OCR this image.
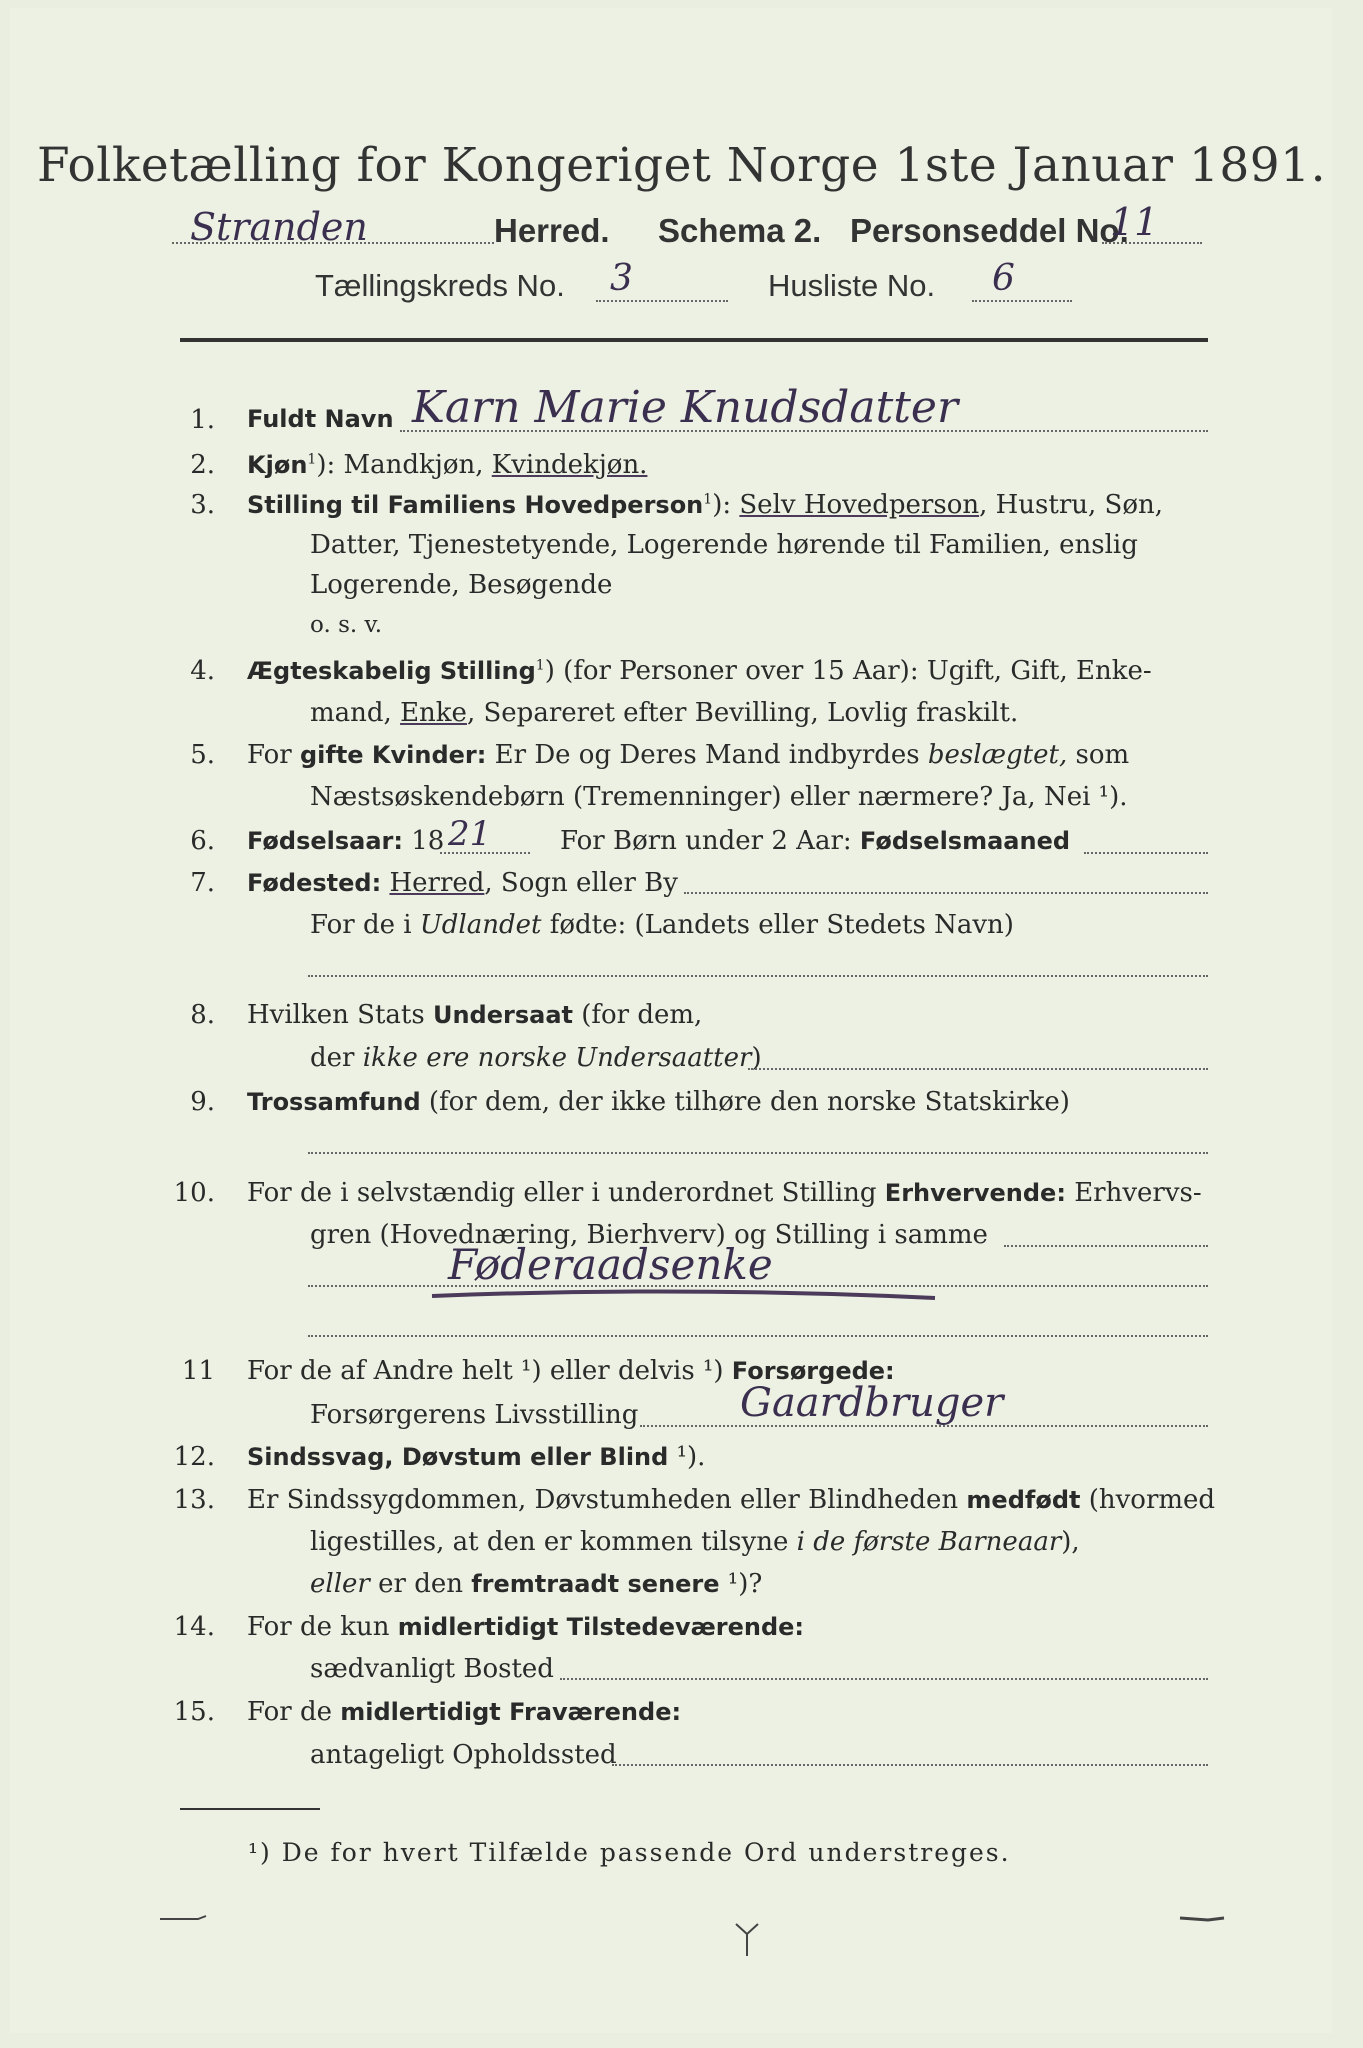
Folketælling for Kongeriget Norge 1ste Januar 1891.
Stranden	Herred. Schema 2. Personseddel No.
11
Tællingskreds No. 3	Husliste No. 6
1. Fuldt Navn Karn Marie Knudsdatter
2. Kjøn$^1$): Mandkjøn, Kvindekjøn.
3. Stilling til Familiens Hovedperson$^1$): Selv Hovedperson, Hustru, Søn,
Datter, Tjenestetyende, Logerende hørende til Familien, enslig
Logerende, Besøgende
o. s. v.
4. Ægteskabelig Stilling$^1$) (for Personer over 15 Aar): Ugift, Gift, Enke-
mand, Enke, Separeret efter Bevilling, Lovlig fraskilt.
5. For gifte Kvinder: Er De og Deres Mand indbyrdes beslægtet, som
Næstsøskendebørn (Tremenninger) eller nærmere? Ja, Nei ¹).
6. Fødselsaar: 18 21	For Børn under 2 Aar: Fødselsmaaned
7. Fødested: Herred, Sogn eller By
For de i Udlandet fødte: (Landets eller Stedets Navn)
8. Hvilken Stats Undersaat (for dem,
der ikke ere norske Undersaatter)
9. Trossamfund (for dem, der ikke tilhøre den norske Statskirke)
10. For de i selvstændig eller i underordnet Stilling Erhvervende: Erhvervs-
gren (Hovednæring, Bierhverv) og Stilling i samme
Føderaadsenke
11 For de af Andre helt ¹) eller delvis ¹) Forsørgede:
Forsørgerens Livsstilling	Gaardbruger
12. Sindssvag, Døvstum eller Blind ¹).
13. Er Sindssygdommen, Døvstumheden eller Blindheden medfødt (hvormed
ligestilles, at den er kommen tilsyne i de første Barneaar),
eller er den fremtraadt senere ¹)?
14. For de kun midlertidigt Tilstedeværende:
sædvanligt Bosted
15. For de midlertidigt Fraværende:
antageligt Opholdssted
¹) De for hvert Tilfælde passende Ord understreges.
